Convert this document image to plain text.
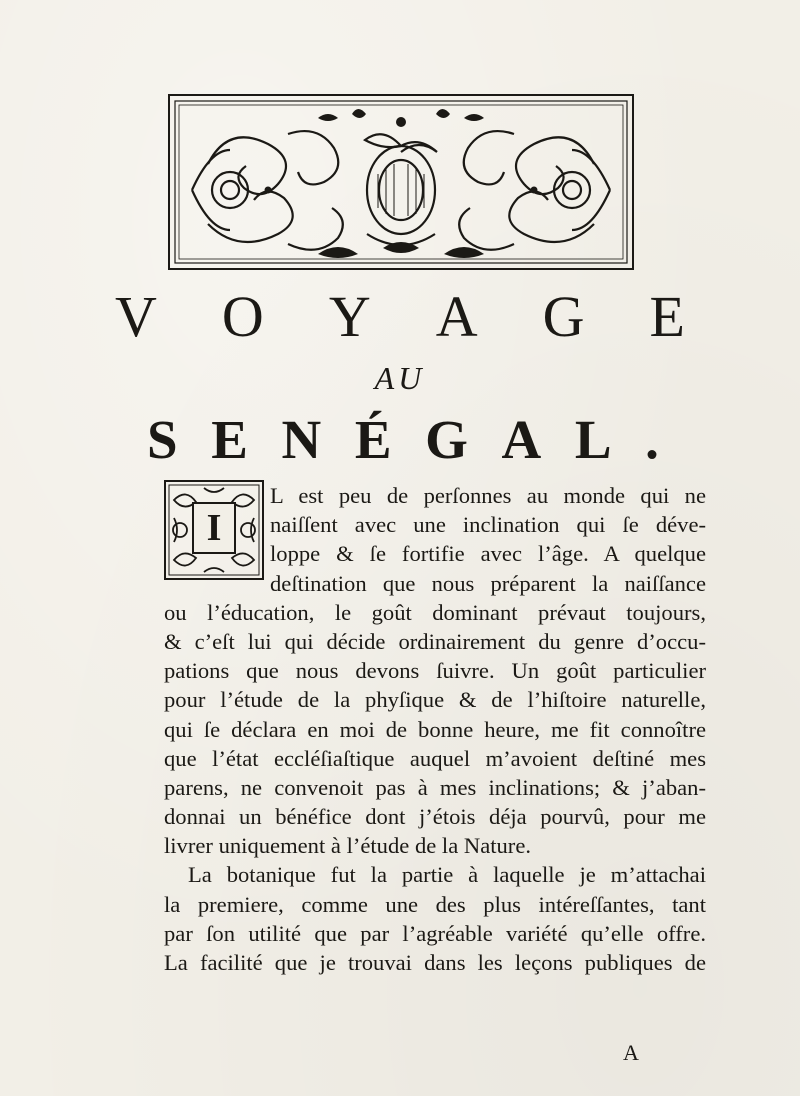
V O Y A G E
AU
S E N É G A L .
I
L est peu de perſonnes au monde qui ne
naiſſent avec une inclination qui ſe déve-
loppe & ſe fortifie avec l’âge. A quelque
deſtination que nous préparent la naiſſance
ou l’éducation, le goût dominant prévaut toujours,
& c’eſt lui qui décide ordinairement du genre d’occu-
pations que nous devons ſuivre. Un goût particulier
pour l’étude de la phyſique & de l’hiſtoire naturelle,
qui ſe déclara en moi de bonne heure, me fit connoître
que l’état eccléſiaſtique auquel m’avoient deſtiné mes
parens, ne convenoit pas à mes inclinations; & j’aban-
donnai un bénéfice dont j’étois déja pourvû, pour me
livrer uniquement à l’étude de la Nature.
La botanique fut la partie à laquelle je m’attachai
la premiere, comme une des plus intéreſſantes, tant
par ſon utilité que par l’agréable variété qu’elle offre.
La facilité que je trouvai dans les leçons publiques de
A
